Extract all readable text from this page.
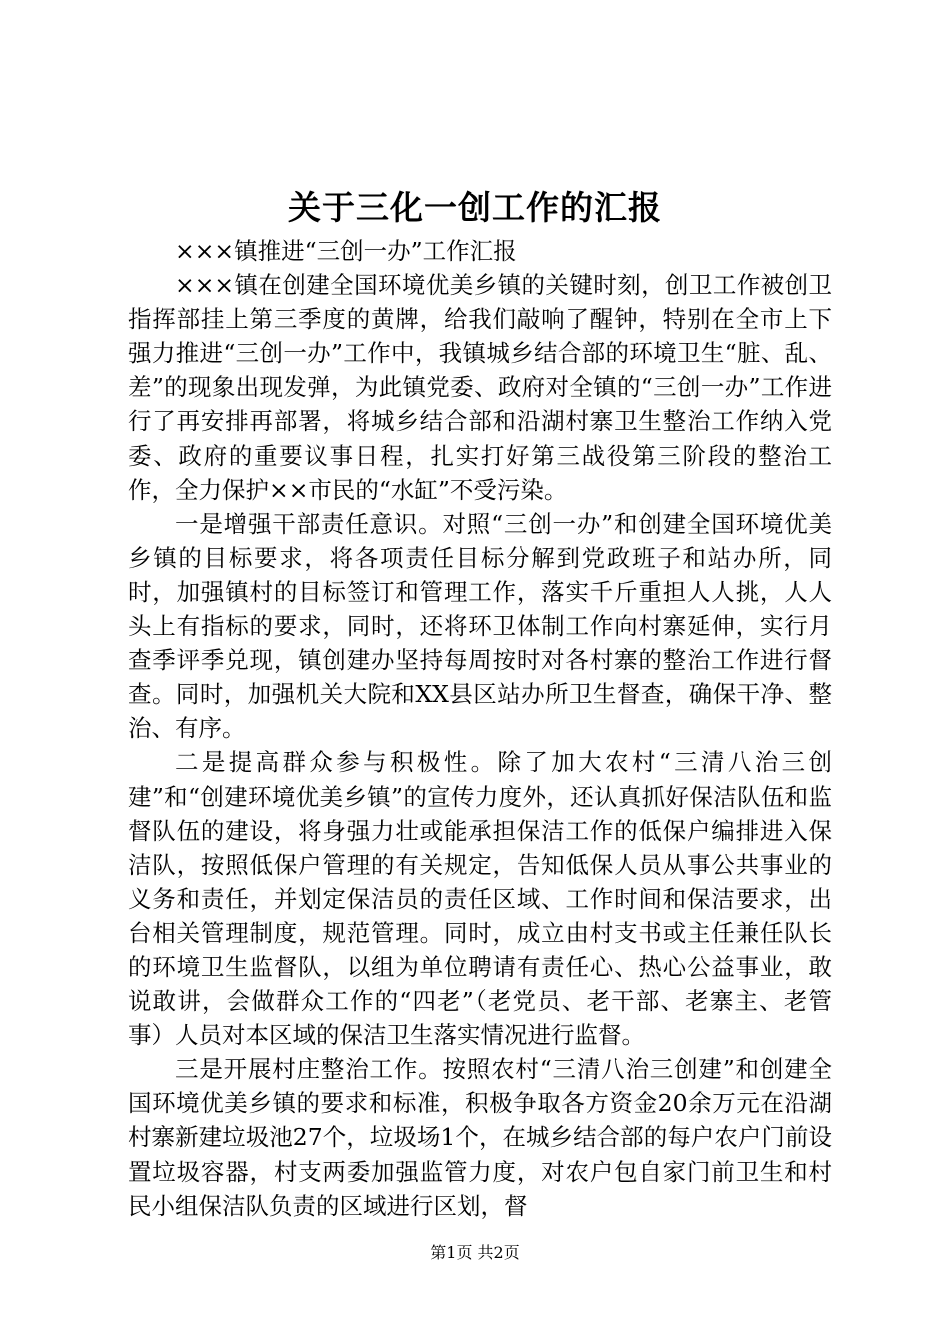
关于三化一创工作的汇报

×××镇推进“三创一办”工作汇报

×××镇在创建全国环境优美乡镇的关键时刻，创卫工作被创卫指挥部挂上第三季度的黄牌，给我们敲响了醒钟，特别在全市上下强力推进“三创一办”工作中，我镇城乡结合部的环境卫生“脏、乱、差”的现象出现发弹，为此镇党委、政府对全镇的“三创一办”工作进行了再安排再部署，将城乡结合部和沿湖村寨卫生整治工作纳入党委、政府的重要议事日程，扎实打好第三战役第三阶段的整治工作，全力保护××市民的“水缸”不受污染。

一是增强干部责任意识。对照“三创一办”和创建全国环境优美乡镇的目标要求，将各项责任目标分解到党政班子和站办所，同时，加强镇村的目标签订和管理工作，落实千斤重担人人挑，人人头上有指标的要求，同时，还将环卫体制工作向村寨延伸，实行月查季评季兑现，镇创建办坚持每周按时对各村寨的整治工作进行督查。同时，加强机关大院和XX县区站办所卫生督查，确保干净、整治、有序。

二是提高群众参与积极性。除了加大农村“三清八治三创建”和“创建环境优美乡镇”的宣传力度外，还认真抓好保洁队伍和监督队伍的建设，将身强力壮或能承担保洁工作的低保户编排进入保洁队，按照低保户管理的有关规定，告知低保人员从事公共事业的义务和责任，并划定保洁员的责任区域、工作时间和保洁要求，出台相关管理制度，规范管理。同时，成立由村支书或主任兼任队长的环境卫生监督队，以组为单位聘请有责任心、热心公益事业，敢说敢讲，会做群众工作的“四老”（老党员、老干部、老寨主、老管事）人员对本区域的保洁卫生落实情况进行监督。

三是开展村庄整治工作。按照农村“三清八治三创建”和创建全国环境优美乡镇的要求和标准，积极争取各方资金20余万元在沿湖村寨新建垃圾池27个，垃圾场1个，在城乡结合部的每户农户门前设置垃圾容器，村支两委加强监管力度，对农户包自家门前卫生和村民小组保洁队负责的区域进行区划，督

第1页 共2页
